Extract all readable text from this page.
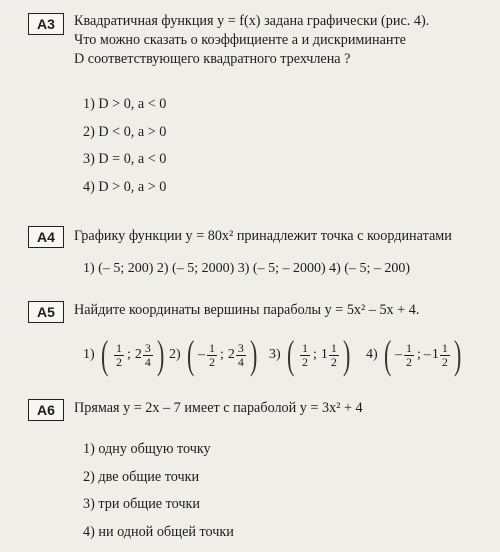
A3	Квадратичная функция y = f(x) задана графически (рис. 4).
Что можно сказать о коэффициенте a и дискриминанте
D соответствующего квадратного трехчлена ?
1) D > 0, a < 0
2) D < 0, a > 0
3) D = 0, a < 0
4) D > 0, a > 0
A4	Графику функции y = 80x² принадлежит точка с координатами
1) (– 5; 200) 2) (– 5; 2000) 3) (– 5; – 2000) 4) (– 5; – 200)
A5	Найдите координаты вершины параболы y = 5x² – 5x + 4.
1) ( $\frac{1}{2}$ ; $2 \frac{3}{4}$ ) 2) ( – $\frac{1}{2}$ ; $2 \frac{3}{4}$ ) 3) ( $\frac{1}{2}$ ; $1 \frac{1}{2}$ ) 4) ( – $\frac{1}{2}$ ; – $1 \frac{1}{2}$ )
A6	Прямая y = 2x – 7 имеет с параболой y = 3x² + 4
1) одну общую точку
2) две общие точки
3) три общие точки
4) ни одной общей точки
